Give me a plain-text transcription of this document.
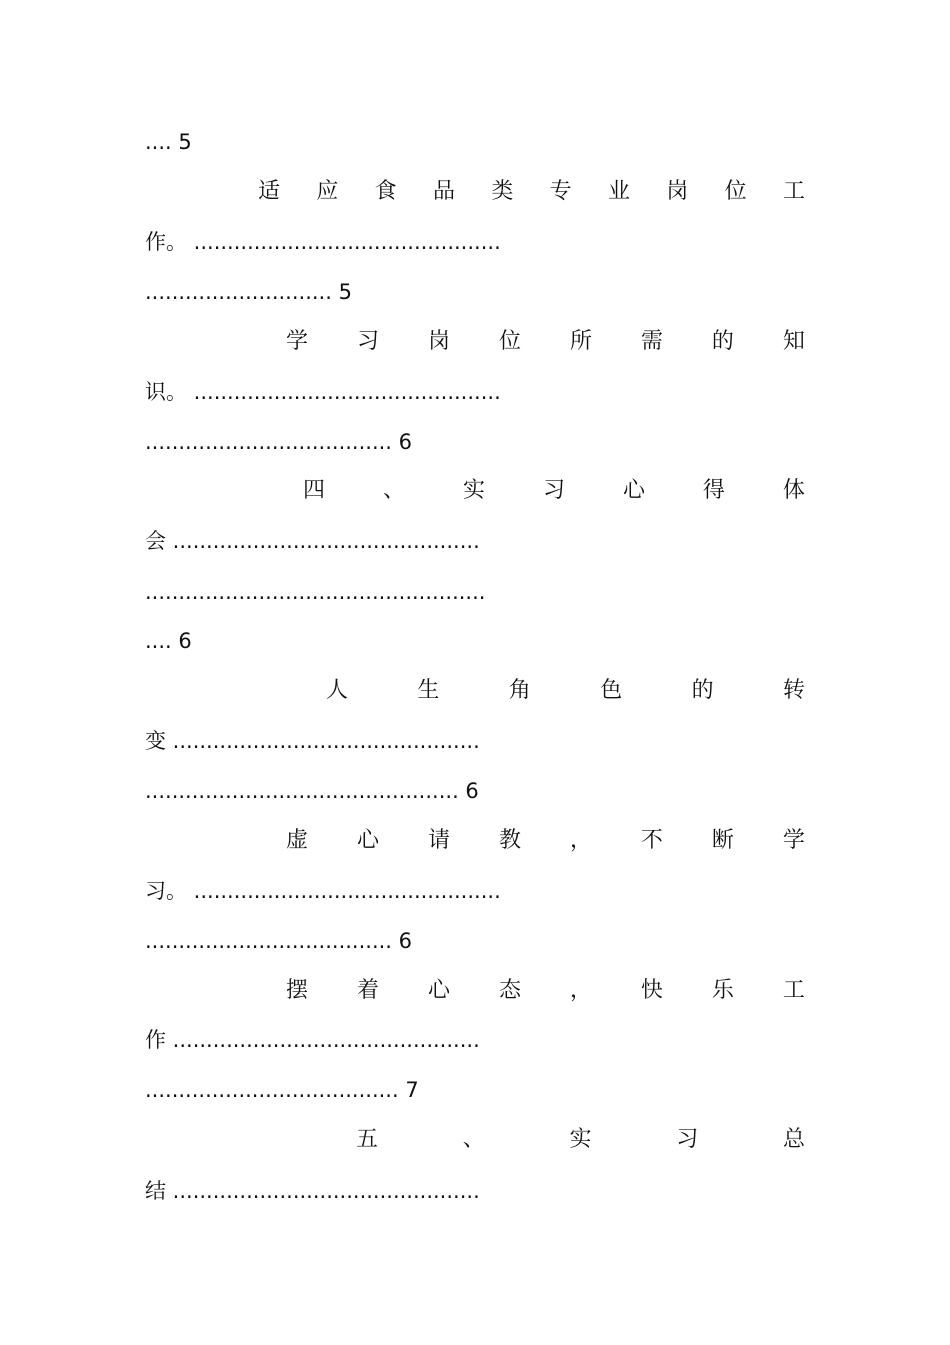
.... 5
适 应 食 品 类 专 业 岗 位 工
作。 ..............................................
............................ 5
学 习 岗 位 所 需 的 知
识。 ..............................................
..................................... 6
四	、	实	习	心	得	体
会 ..............................................
...................................................
.... 6
人	生	角	色	的	转
变 ..............................................
............................................... 6
虚 心 请 教 ， 不 断 学
习。 ..............................................
..................................... 6
摆 着 心 态 ， 快 乐 工
作 ..............................................
...................................... 7
五	、	实	习	总
结 ..............................................
